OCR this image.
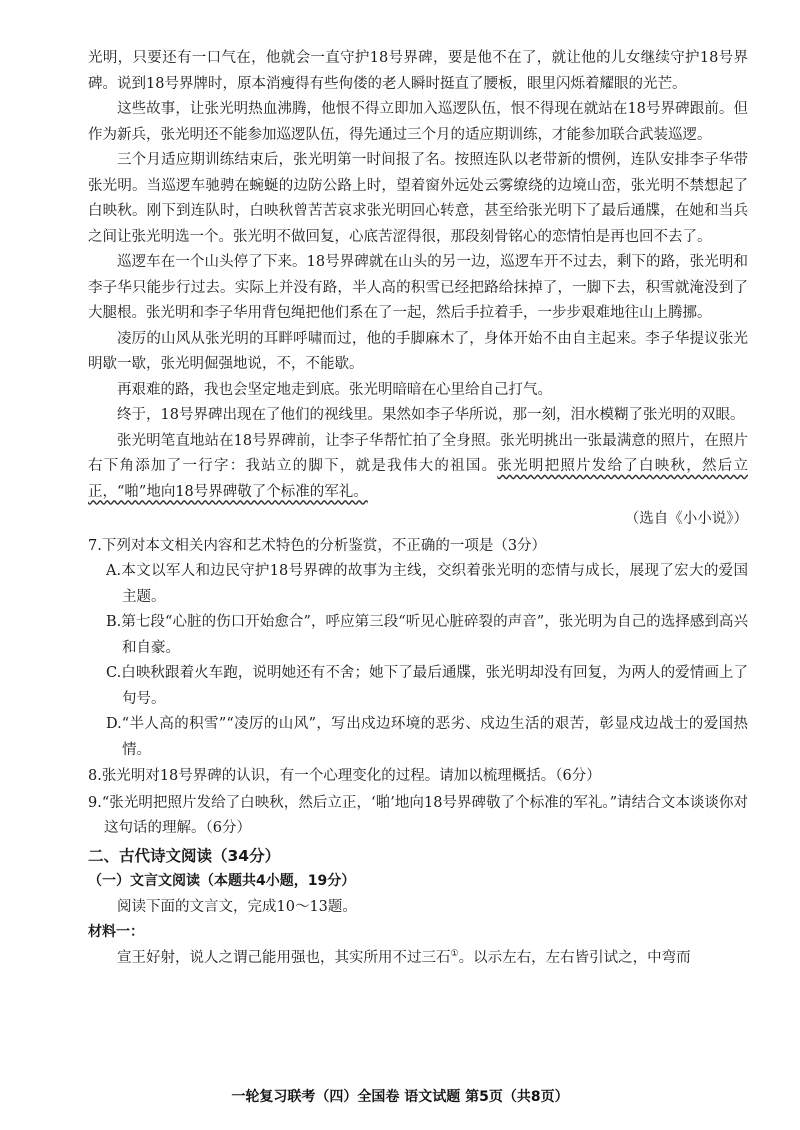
光明，只要还有一口气在，他就会一直守护18号界碑，要是他不在了，就让他的儿女继续守护18号界碑。说到18号界牌时，原本消瘦得有些佝偻的老人瞬时挺直了腰板，眼里闪烁着耀眼的光芒。

这些故事，让张光明热血沸腾，他恨不得立即加入巡逻队伍，恨不得现在就站在18号界碑跟前。但作为新兵，张光明还不能参加巡逻队伍，得先通过三个月的适应期训练，才能参加联合武装巡逻。

三个月适应期训练结束后，张光明第一时间报了名。按照连队以老带新的惯例，连队安排李子华带张光明。当巡逻车驰骋在蜿蜒的边防公路上时，望着窗外远处云雾缭绕的边境山峦，张光明不禁想起了白映秋。刚下到连队时，白映秋曾苦苦哀求张光明回心转意，甚至给张光明下了最后通牒，在她和当兵之间让张光明选一个。张光明不做回复，心底苦涩得很，那段刻骨铭心的恋情怕是再也回不去了。

巡逻车在一个山头停了下来。18号界碑就在山头的另一边，巡逻车开不过去，剩下的路，张光明和李子华只能步行过去。实际上并没有路，半人高的积雪已经把路给抹掉了，一脚下去，积雪就淹没到了大腿根。张光明和李子华用背包绳把他们系在了一起，然后手拉着手，一步步艰难地往山上腾挪。

凌厉的山风从张光明的耳畔呼啸而过，他的手脚麻木了，身体开始不由自主起来。李子华提议张光明歇一歇，张光明倔强地说，不，不能歇。

再艰难的路，我也会坚定地走到底。张光明暗暗在心里给自己打气。

终于，18号界碑出现在了他们的视线里。果然如李子华所说，那一刻，泪水模糊了张光明的双眼。

张光明笔直地站在18号界碑前，让李子华帮忙拍了全身照。张光明挑出一张最满意的照片，在照片右下角添加了一行字：我站立的脚下，就是我伟大的祖国。张光明把照片发给了白映秋，然后立正，“啪”地向18号界碑敬了个标准的军礼。

（选自《小小说》）

7.下列对本文相关内容和艺术特色的分析鉴赏，不正确的一项是（3分）

A.本文以军人和边民守护18号界碑的故事为主线，交织着张光明的恋情与成长，展现了宏大的爱国主题。

B.第七段“心脏的伤口开始愈合”，呼应第三段“听见心脏碎裂的声音”，张光明为自己的选择感到高兴和自豪。

C.白映秋跟着火车跑，说明她还有不舍；她下了最后通牒，张光明却没有回复，为两人的爱情画上了句号。

D.“半人高的积雪”“凌厉的山风”，写出戍边环境的恶劣、戍边生活的艰苦，彰显戍边战士的爱国热情。

8.张光明对18号界碑的认识，有一个心理变化的过程。请加以梳理概括。（6分）

9.“张光明把照片发给了白映秋，然后立正，‘啪’地向18号界碑敬了个标准的军礼。”请结合文本谈谈你对这句话的理解。（6分）

二、古代诗文阅读（34分）

（一）文言文阅读（本题共4小题，19分）

阅读下面的文言文，完成10～13题。

材料一：

宣王好射，说人之谓己能用强也，其实所用不过三石①。以示左右，左右皆引试之，中弯而

一轮复习联考（四）全国卷 语文试题 第5页（共8页）
